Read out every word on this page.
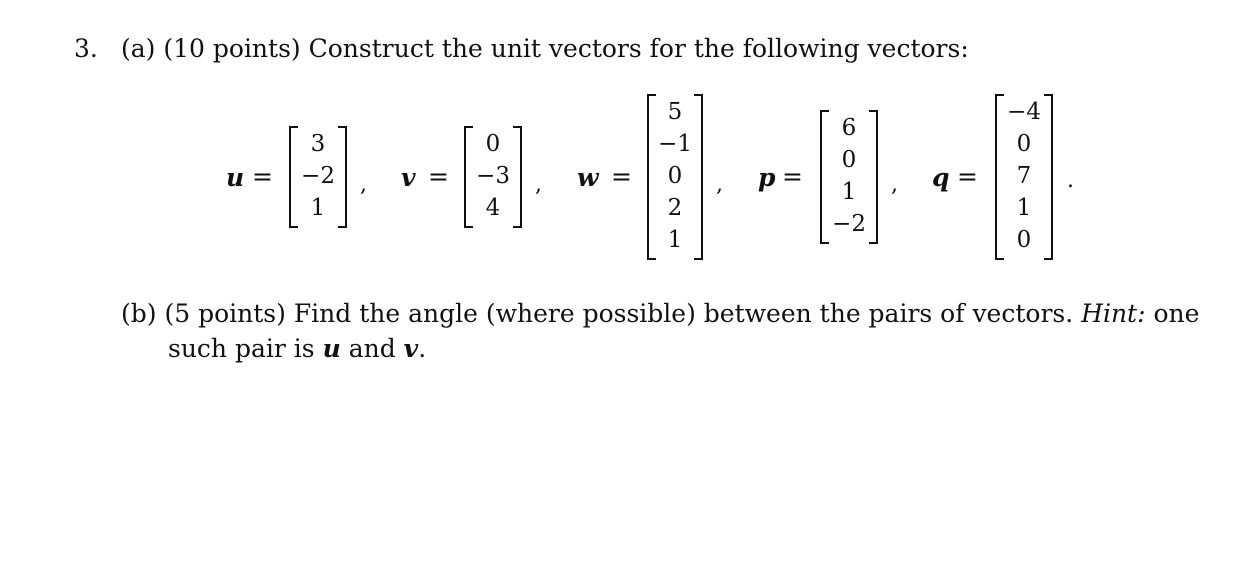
3. (a) (10 points) Construct the unit vectors for the following vectors:
u =
3
−2
1
, v =
0
−3
4
, w =
5
−1
0
2
1
, p =
6
0
1
−2
, q =
−4
0
7
1
0
.
(b) (5 points) Find the angle (where possible) between the pairs of vectors. Hint: one
such pair is u and v.
